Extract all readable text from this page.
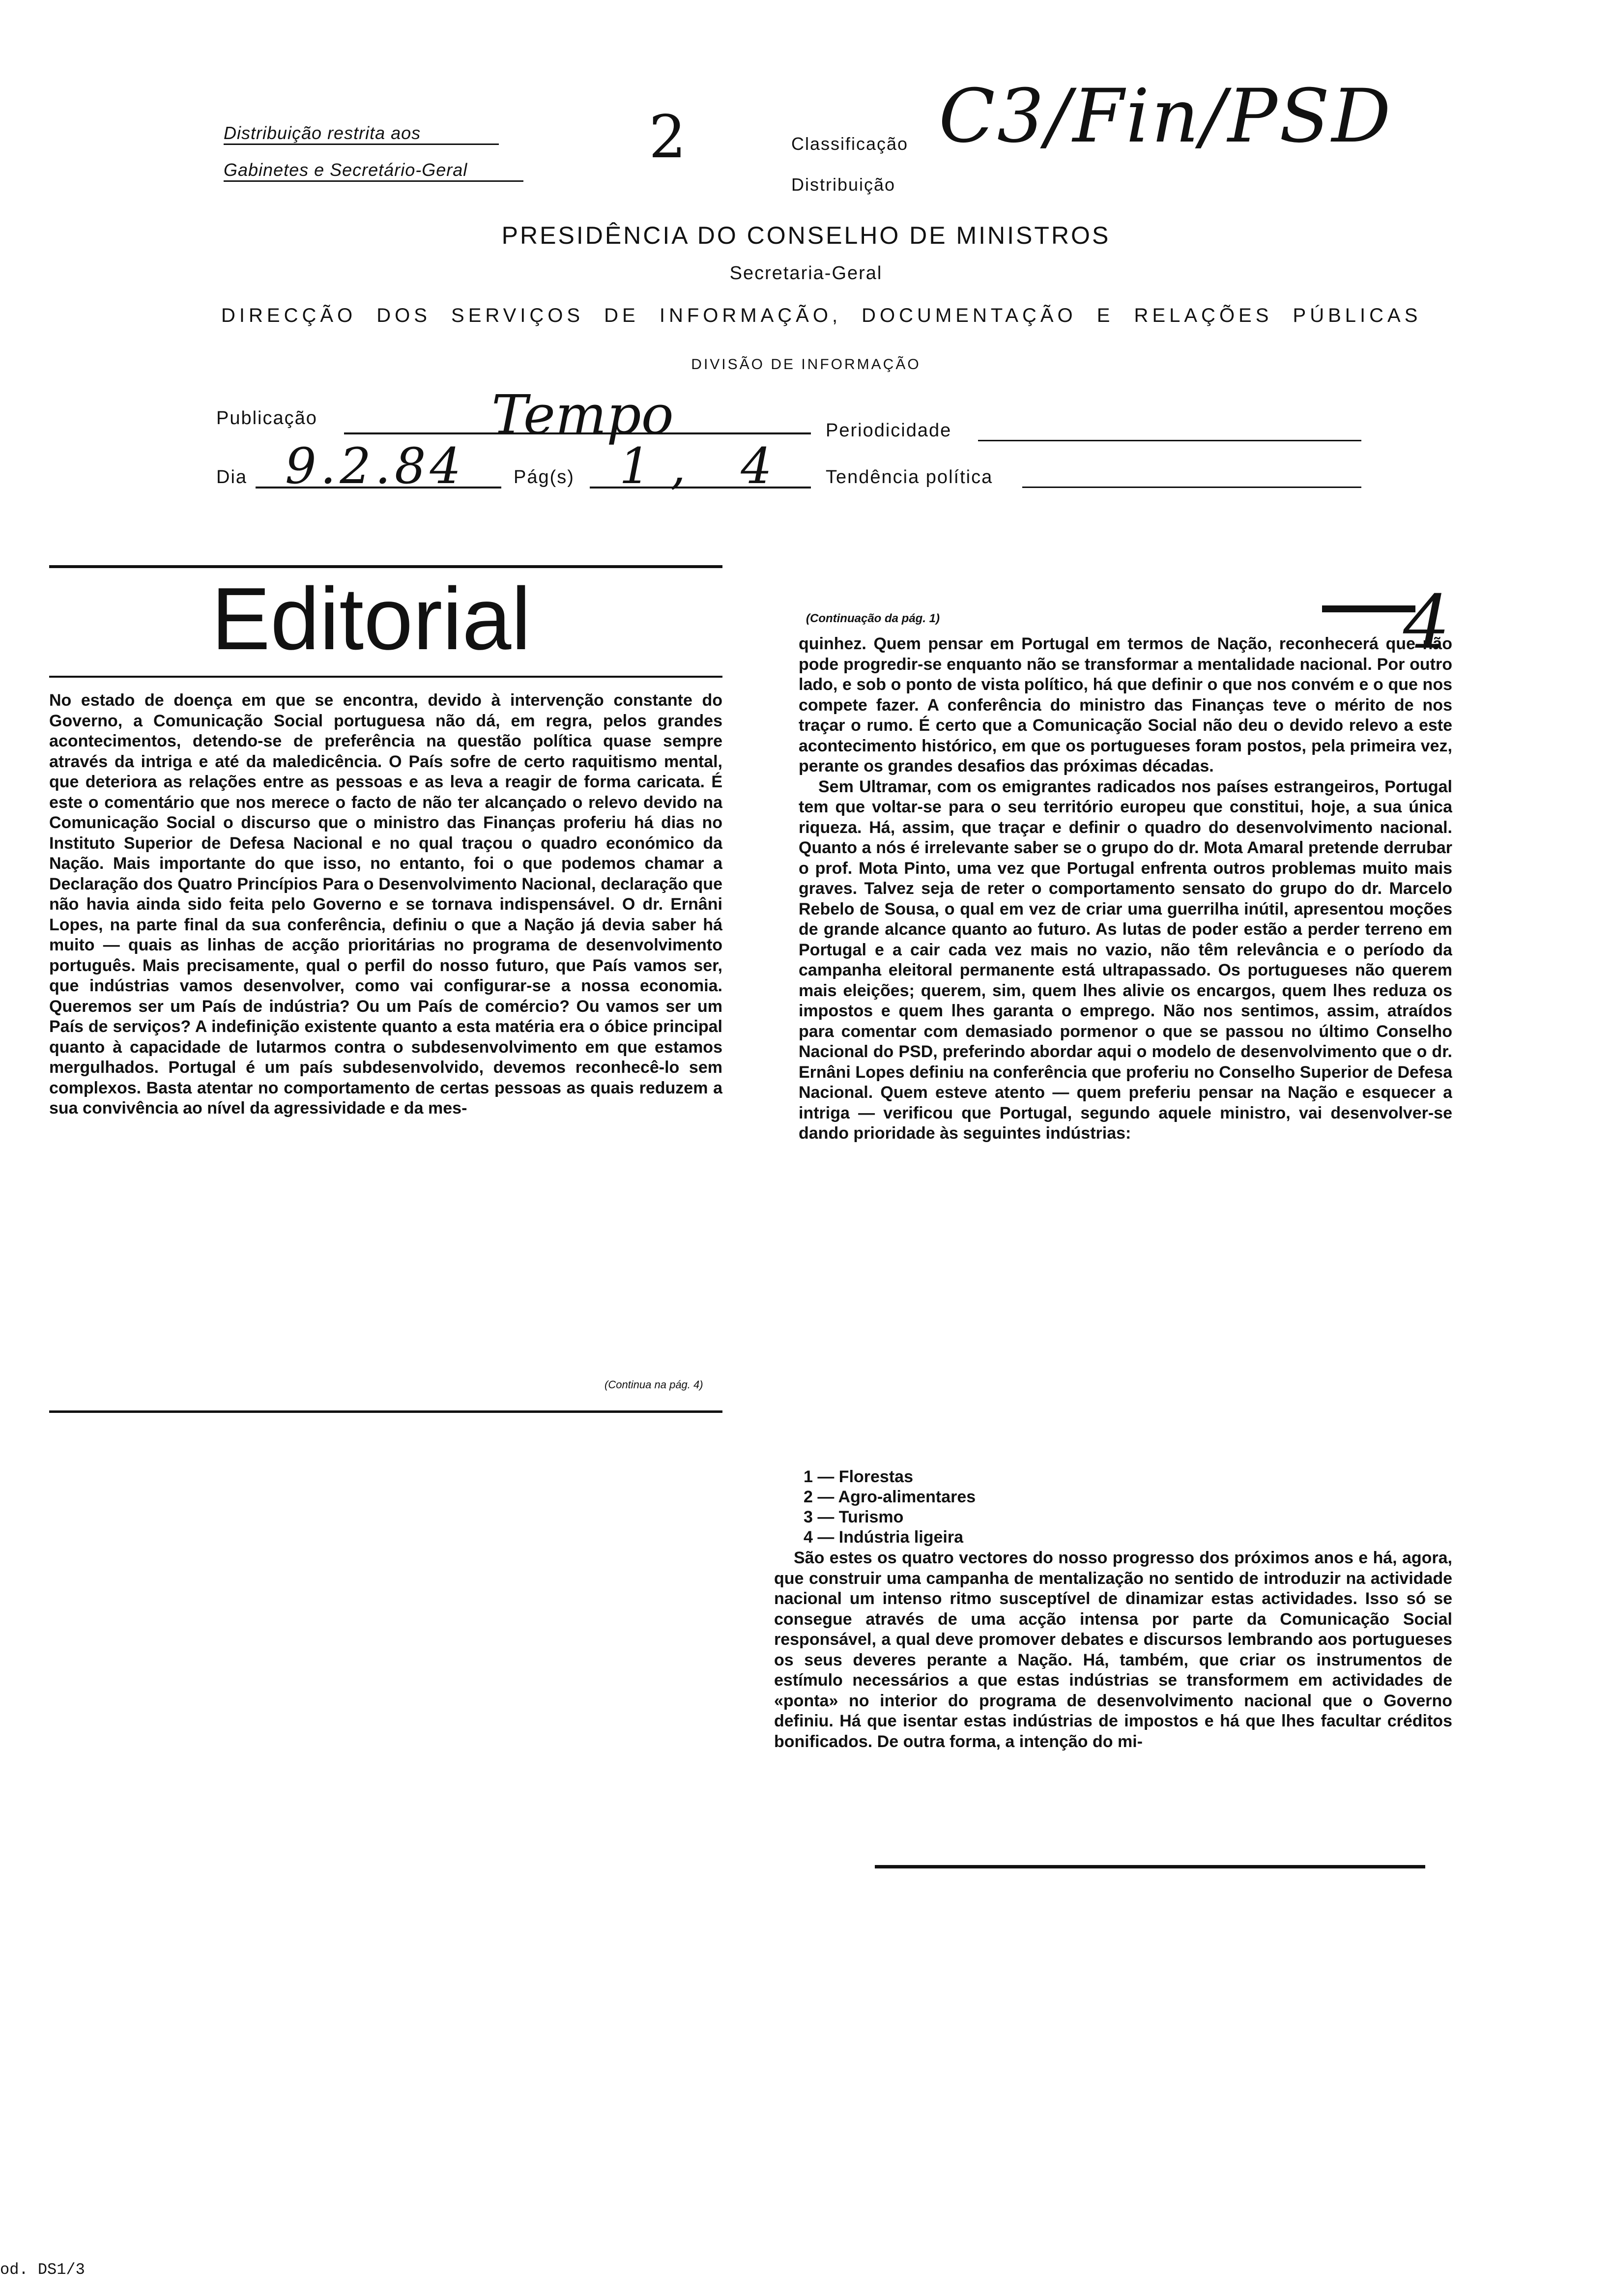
Distribuição restrita aos
Gabinetes e Secretário-Geral	2	Classificação C3/Fin/PSD
Distribuição
PRESIDÊNCIA DO CONSELHO DE MINISTROS
Secretaria-Geral
DIRECÇÃO DOS SERVIÇOS DE INFORMAÇÃO, DOCUMENTAÇÃO E RELAÇÕES PÚBLICAS
DIVISÃO DE INFORMAÇÃO
Publicação	Tempo	Periodicidade
Dia 9.2.84	Pág(s) 1, 4 Tendência política
Editorial

No estado de doença em que se encontra, devido à intervenção constante do Governo, a Comunicação Social portuguesa não dá, em regra, pelos grandes acontecimentos, detendo-se de preferência na questão política quase sempre através da intriga e até da maledicência. O País sofre de certo raquitismo mental, que deteriora as relações entre as pessoas e as leva a reagir de forma caricata. É este o comentário que nos merece o facto de não ter alcançado o relevo devido na Comunicação Social o discurso que o ministro das Finanças proferiu há dias no Instituto Superior de Defesa Nacional e no qual traçou o quadro económico da Nação. Mais importante do que isso, no entanto, foi o que podemos chamar a Declaração dos Quatro Princípios Para o Desenvolvimento Nacional, declaração que não havia ainda sido feita pelo Governo e se tornava indispensável. O dr. Ernâni Lopes, na parte final da sua conferência, definiu o que a Nação já devia saber há muito — quais as linhas de acção prioritárias no programa de desenvolvimento português. Mais precisamente, qual o perfil do nosso futuro, que País vamos ser, que indústrias vamos desenvolver, como vai configurar-se a nossa economia. Queremos ser um País de indústria? Ou um País de comércio? Ou vamos ser um País de serviços? A indefinição existente quanto a esta matéria era o óbice principal quanto à capacidade de lutarmos contra o subdesenvolvimento em que estamos mergulhados. Portugal é um país subdesenvolvido, devemos reconhecê-lo sem complexos. Basta atentar no comportamento de certas pessoas as quais reduzem a sua convivência ao nível da agressividade e da mes-

(Continua na pág. 4)
(Continuação da pág. 1)	4

quinhez. Quem pensar em Portugal em termos de Nação, reconhecerá que não pode progredir-se enquanto não se transformar a mentalidade nacional. Por outro lado, e sob o ponto de vista político, há que definir o que nos convém e o que nos compete fazer. A conferência do ministro das Finanças teve o mérito de nos traçar o rumo. É certo que a Comunicação Social não deu o devido relevo a este acontecimento histórico, em que os portugueses foram postos, pela primeira vez, perante os grandes desafios das próximas décadas.

Sem Ultramar, com os emigrantes radicados nos países estrangeiros, Portugal tem que voltar-se para o seu território europeu que constitui, hoje, a sua única riqueza. Há, assim, que traçar e definir o quadro do desenvolvimento nacional. Quanto a nós é irrelevante saber se o grupo do dr. Mota Amaral pretende derrubar o prof. Mota Pinto, uma vez que Portugal enfrenta outros problemas muito mais graves. Talvez seja de reter o comportamento sensato do grupo do dr. Marcelo Rebelo de Sousa, o qual em vez de criar uma guerrilha inútil, apresentou moções de grande alcance quanto ao futuro. As lutas de poder estão a perder terreno em Portugal e a cair cada vez mais no vazio, não têm relevância e o período da campanha eleitoral permanente está ultrapassado. Os portugueses não querem mais eleições; querem, sim, quem lhes alivie os encargos, quem lhes reduza os impostos e quem lhes garanta o emprego. Não nos sentimos, assim, atraídos para comentar com demasiado pormenor o que se passou no último Conselho Nacional do PSD, preferindo abordar aqui o modelo de desenvolvimento que o dr. Ernâni Lopes definiu na conferência que proferiu no Conselho Superior de Defesa Nacional. Quem esteve atento — quem preferiu pensar na Nação e esquecer a intriga — verificou que Portugal, segundo aquele ministro, vai desenvolver-se dando prioridade às seguintes indústrias:

1 — Florestas
2 — Agro-alimentares
3 — Turismo
4 — Indústria ligeira

São estes os quatro vectores do nosso progresso dos próximos anos e há, agora, que construir uma campanha de mentalização no sentido de introduzir na actividade nacional um intenso ritmo susceptível de dinamizar estas actividades. Isso só se consegue através de uma acção intensa por parte da Comunicação Social responsável, a qual deve promover debates e discursos lembrando aos portugueses os seus deveres perante a Nação. Há, também, que criar os instrumentos de estímulo necessários a que estas indústrias se transformem em actividades de «ponta» no interior do programa de desenvolvimento nacional que o Governo definiu. Há que isentar estas indústrias de impostos e há que lhes facultar créditos bonificados. De outra forma, a intenção do mi-

od. DS1/3
